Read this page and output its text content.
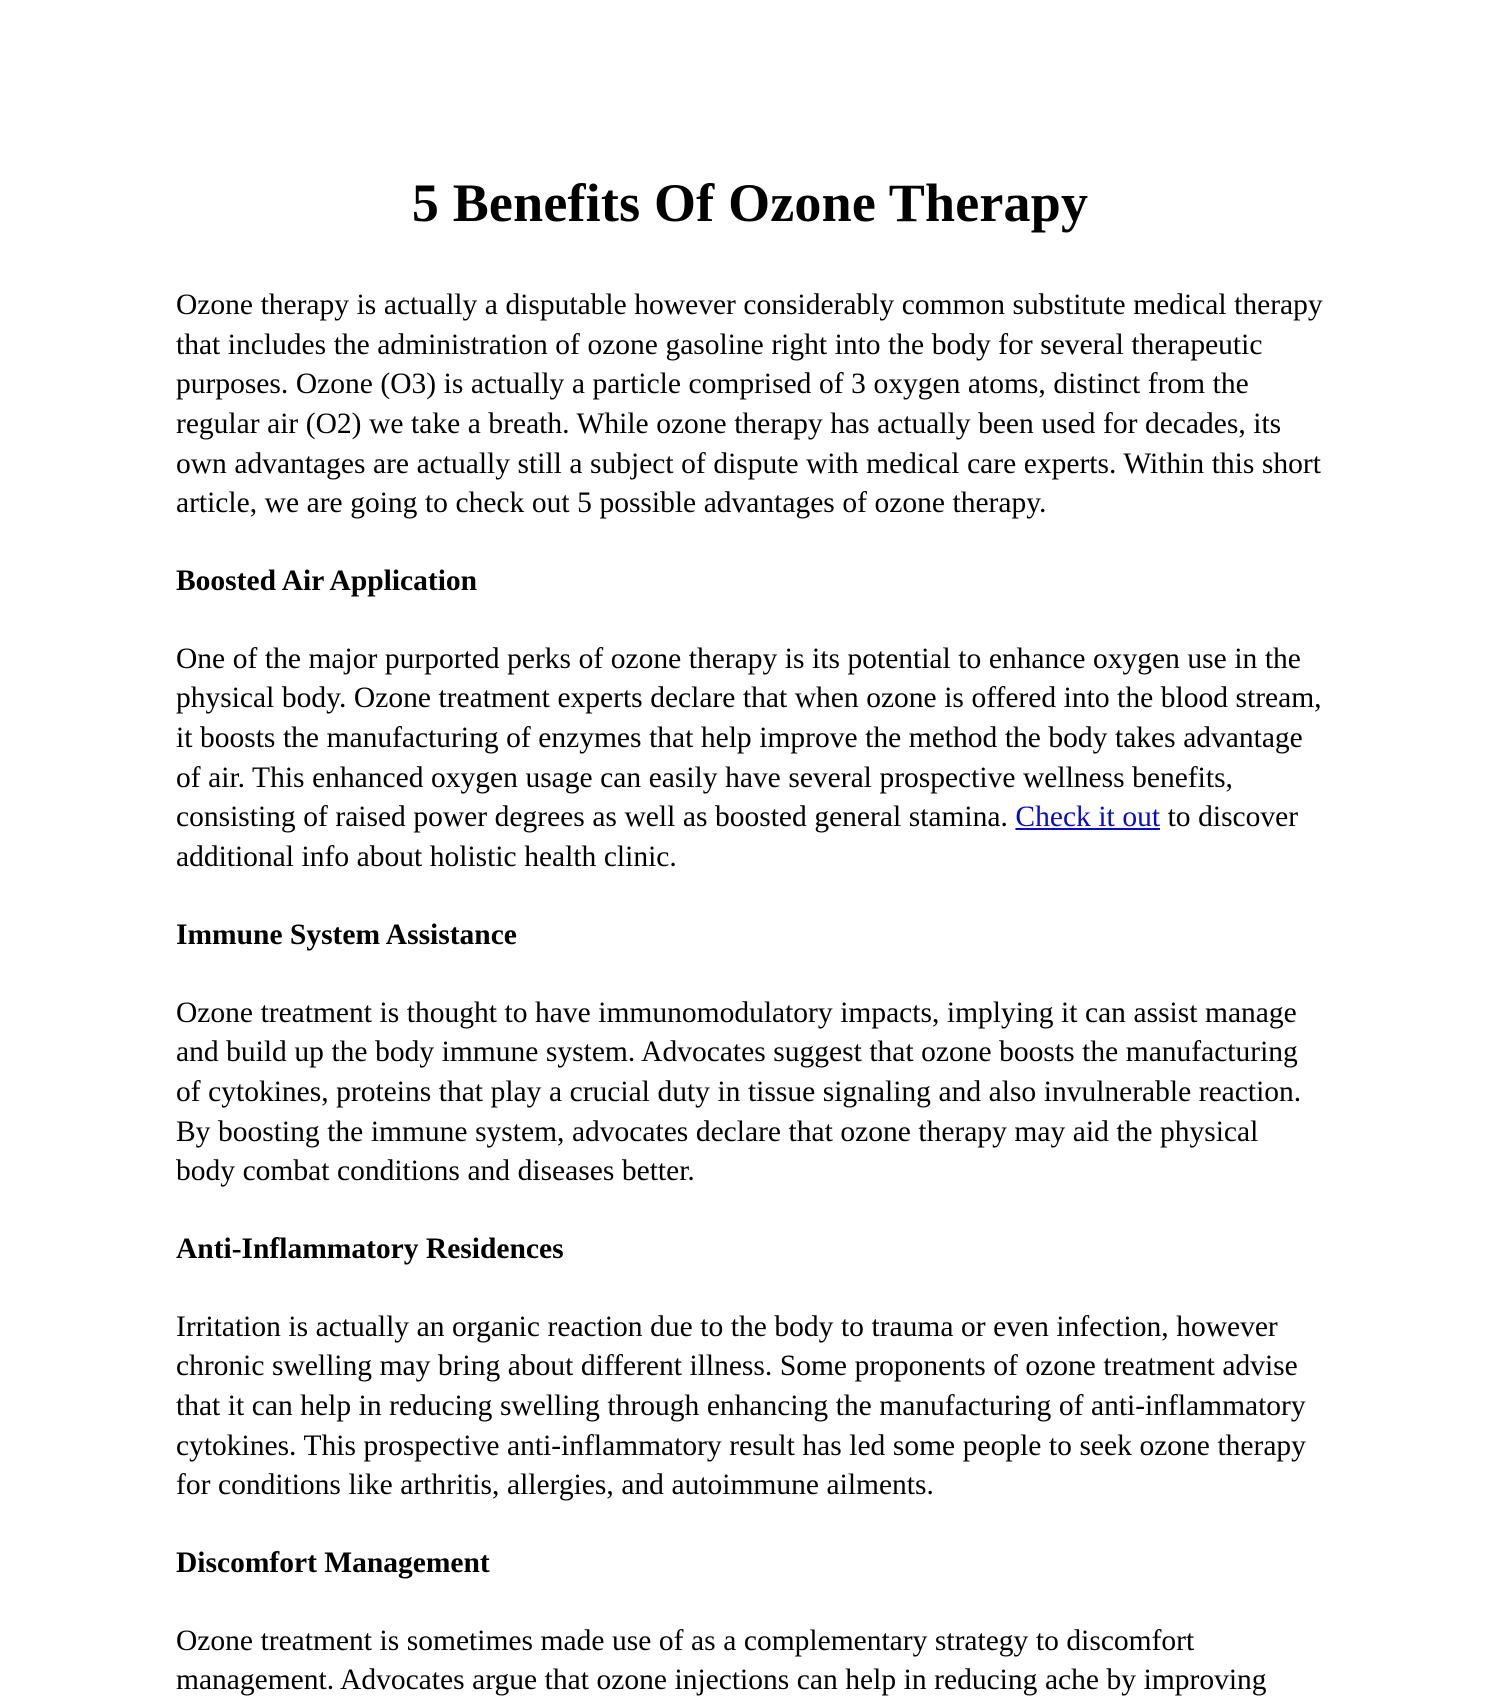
5 Benefits Of Ozone Therapy

Ozone therapy is actually a disputable however considerably common substitute medical therapy that includes the administration of ozone gasoline right into the body for several therapeutic purposes. Ozone (O3) is actually a particle comprised of 3 oxygen atoms, distinct from the regular air (O2) we take a breath. While ozone therapy has actually been used for decades, its own advantages are actually still a subject of dispute with medical care experts. Within this short article, we are going to check out 5 possible advantages of ozone therapy.

Boosted Air Application

One of the major purported perks of ozone therapy is its potential to enhance oxygen use in the physical body. Ozone treatment experts declare that when ozone is offered into the blood stream, it boosts the manufacturing of enzymes that help improve the method the body takes advantage of air. This enhanced oxygen usage can easily have several prospective wellness benefits, consisting of raised power degrees as well as boosted general stamina. Check it out to discover additional info about holistic health clinic.

Immune System Assistance

Ozone treatment is thought to have immunomodulatory impacts, implying it can assist manage and build up the body immune system. Advocates suggest that ozone boosts the manufacturing of cytokines, proteins that play a crucial duty in tissue signaling and also invulnerable reaction. By boosting the immune system, advocates declare that ozone therapy may aid the physical body combat conditions and diseases better.

Anti-Inflammatory Residences

Irritation is actually an organic reaction due to the body to trauma or even infection, however chronic swelling may bring about different illness. Some proponents of ozone treatment advise that it can help in reducing swelling through enhancing the manufacturing of anti-inflammatory cytokines. This prospective anti-inflammatory result has led some people to seek ozone therapy for conditions like arthritis, allergies, and autoimmune ailments.

Discomfort Management

Ozone treatment is sometimes made use of as a complementary strategy to discomfort management. Advocates argue that ozone injections can help in reducing ache by improving
